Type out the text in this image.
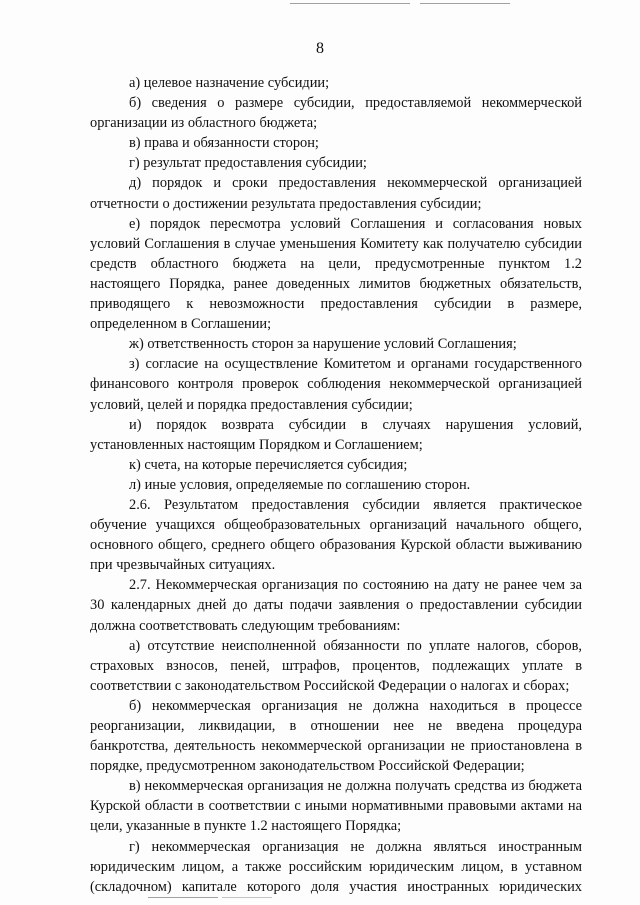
8

а) целевое назначение субсидии;

б) сведения о размере субсидии, предоставляемой некоммерческой организации из областного бюджета;

в) права и обязанности сторон;

г) результат предоставления субсидии;

д) порядок и сроки предоставления некоммерческой организацией отчетности о достижении результата предоставления субсидии;

е) порядок пересмотра условий Соглашения и согласования новых условий Соглашения в случае уменьшения Комитету как получателю субсидии средств областного бюджета на цели, предусмотренные пунктом 1.2 настоящего Порядка, ранее доведенных лимитов бюджетных обязательств, приводящего к невозможности предоставления субсидии в размере, определенном в Соглашении;

ж) ответственность сторон за нарушение условий Соглашения;

з) согласие на осуществление Комитетом и органами государственного финансового контроля проверок соблюдения некоммерческой организацией условий, целей и порядка предоставления субсидии;

и) порядок возврата субсидии в случаях нарушения условий, установленных настоящим Порядком и Соглашением;

к) счета, на которые перечисляется субсидия;

л) иные условия, определяемые по соглашению сторон.

2.6. Результатом предоставления субсидии является практическое обучение учащихся общеобразовательных организаций начального общего, основного общего, среднего общего образования Курской области выживанию при чрезвычайных ситуациях.

2.7. Некоммерческая организация по состоянию на дату не ранее чем за 30 календарных дней до даты подачи заявления о предоставлении субсидии должна соответствовать следующим требованиям:

а) отсутствие неисполненной обязанности по уплате налогов, сборов, страховых взносов, пеней, штрафов, процентов, подлежащих уплате в соответствии с законодательством Российской Федерации о налогах и сборах;

б) некоммерческая организация не должна находиться в процессе реорганизации, ликвидации, в отношении нее не введена процедура банкротства, деятельность некоммерческой организации не приостановлена в порядке, предусмотренном законодательством Российской Федерации;

в) некоммерческая организация не должна получать средства из бюджета Курской области в соответствии с иными нормативными правовыми актами на цели, указанные в пункте 1.2 настоящего Порядка;

г) некоммерческая организация не должна являться иностранным юридическим лицом, а также российским юридическим лицом, в уставном (складочном) капитале которого доля участия иностранных юридических
